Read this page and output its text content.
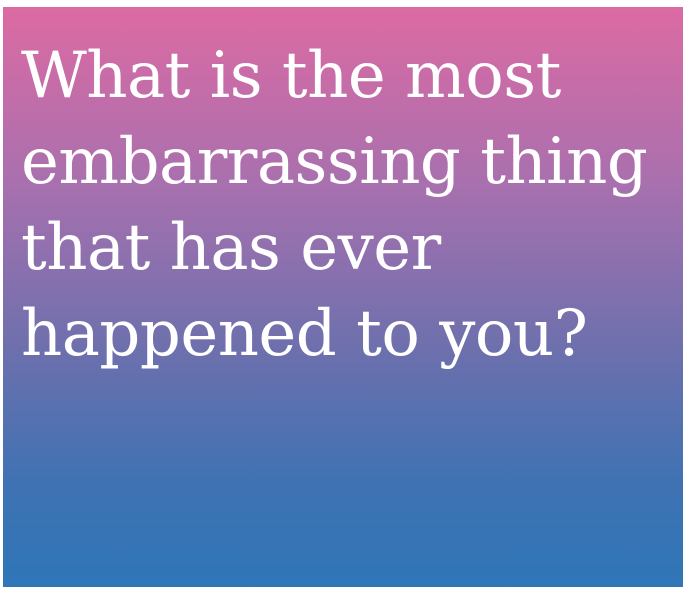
What is the most embarrassing thing that has ever happened to you?
